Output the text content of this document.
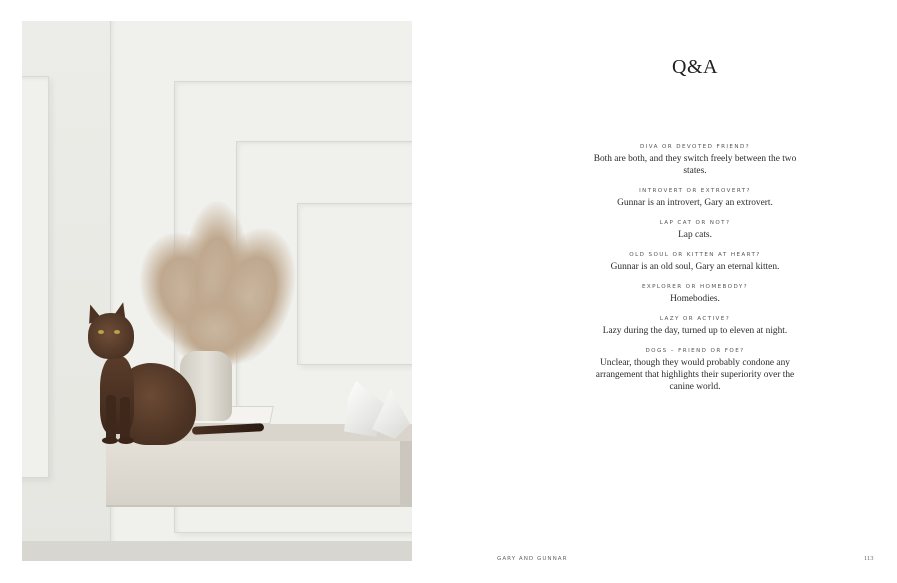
Q&A
DIVA OR DEVOTED FRIEND?
Both are both, and they switch freely between the two states.
INTROVERT OR EXTROVERT?
Gunnar is an introvert, Gary an extrovert.
LAP CAT OR NOT?
Lap cats.
OLD SOUL OR KITTEN AT HEART?
Gunnar is an old soul, Gary an eternal kitten.
EXPLORER OR HOMEBODY?
Homebodies.
LAZY OR ACTIVE?
Lazy during the day, turned up to eleven at night.
DOGS – FRIEND OR FOE?
Unclear, though they would probably condone any arrangement that highlights their superiority over the canine world.
GARY AND GUNNAR	113
